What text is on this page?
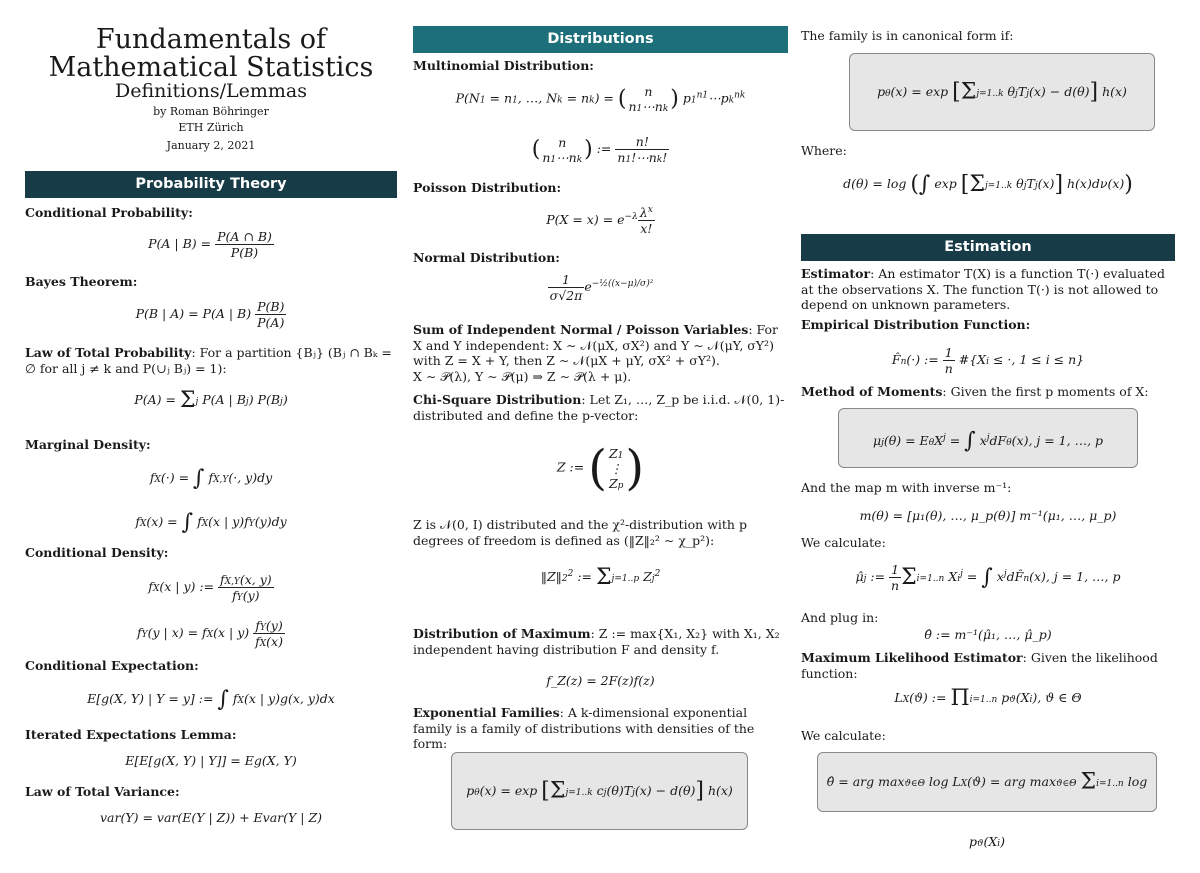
Fundamentals of
Mathematical Statistics
Definitions/Lemmas
by Roman Böhringer
ETH Zürich
January 2, 2021
Probability Theory
Conditional Probability:
P(A | $B) = \frac{P(A \cap B)}{P(B)}$
Bayes Theorem:
P(B | A) = P(A | $B) \frac{P(B)}{P(A)}$
Law of Total Probability: For a partition {Bⱼ} (Bⱼ ∩ Bₖ = ∅ for all j ≠ k and P(∪ⱼ Bⱼ) = 1):
P(A) = Σj P(A | Bj) P(Bj)
Marginal Density:
fX(·) = ∫ fX,Y(·, y)dy
fX(x) = ∫ fX(x | y)fY(y)dy
Conditional Density:
fX(x | y) := $\frac{fX,Y(x, y)}{fY(y)}$
fY(y | x) = fX(x | $y) \frac{fY(y)}{fX(x)}$
Conditional Expectation:
E[g(X, Y) | Y = y] := ∫ fX(x | y)g(x, y)dx
Iterated Expectations Lemma:
E[E[g(X, Y) | Y]] = Eg(X, Y)
Law of Total Variance:
var(Y) = var(E(Y | Z)) + Evar(Y | Z)
Distributions
Multinomial Distribution:
P(N1 = n1, …, Nk = nk) = (	n
n1⋯nk ) $p1^{n1}\cdots pk^{nk}$
(	n
n1⋯nk ) := $\frac{n!}{n1!\cdots nk!}$
Poisson Distribution:
$P(X = x) = e^{-\lambda} \frac{\lambda^x}{x!}$
Normal Distribution:
$\frac{1}{\sigma√2\pi} e^{-\frac{1}{2}((x-\mu)/\sigma)^2}$
Sum of Independent Normal / Poisson Variables: For X and Y independent: X ∼ 𝒩(μX, σX²) and Y ∼ 𝒩(μY, σY²) with Z = X + Y, then Z ∼ 𝒩(μX + μY, σX² + σY²).
X ∼ 𝒫(λ), Y ∼ 𝒫(μ) ⇒ Z ∼ 𝒫(λ + μ).
Chi-Square Distribution: Let Z₁, …, Z_p be i.i.d. 𝒩(0, 1)-distributed and define the p-vector:
Z := ( Z1
⋮
Zp )
Z is 𝒩(0, I) distributed and the χ²-distribution with p degrees of freedom is defined as (‖Z‖₂² ∼ χ_p²):
$‖Z‖2^2$ := Σj=1..p Zj$^2$
Distribution of Maximum: Z := max{X₁, X₂} with X₁, X₂ independent having distribution F and density f.
f_Z(z) = 2F(z)f(z)
Exponential Families: A k-dimensional exponential family is a family of distributions with densities of the form:
pθ(x) = exp [Σj=1..k cj(θ)Tj(x) − d(θ)] h(x)
The family is in canonical form if:
pθ(x) = exp [Σj=1..k θjTj(x) − d(θ)] h(x)
Where:
d(θ) = log (∫ exp [Σj=1..k θjTj(x)] h(x)dν(x))
Estimation
Estimator: An estimator T(X) is a function T(·) evaluated at the observations X. The function T(·) is not allowed to depend on unknown parameters.
Empirical Distribution Function:
F̂n(·) := $\frac{1}{n}$ #{Xi ≤ ·, 1 ≤ i ≤ n}
Method of Moments: Given the first p moments of X:
μj(θ) = EθX$^j$ = ∫ $x^jdF\theta(x)$, j = 1, …, p
And the map m with inverse m⁻¹:
m(θ) = [μ₁(θ), …, μ_p(θ)] m⁻¹(μ₁, …, μ_p)
We calculate:
μ̂j := $\frac{1}{n} \Sigma i=1..n$ $Xi^j$ = ∫ $x^jdF̂n(x)$, j = 1, …, p
And plug in:
θ̂ := m⁻¹(μ̂₁, …, μ̂_p)
Maximum Likelihood Estimator: Given the likelihood function:
LX(ϑ) := Πi=1..n pϑ(Xi), ϑ ∈ Θ
We calculate:
θ̂ = arg maxϑ∈Θ log LX(ϑ) = arg maxϑ∈Θ Σi=1..n log pϑ(Xi)
